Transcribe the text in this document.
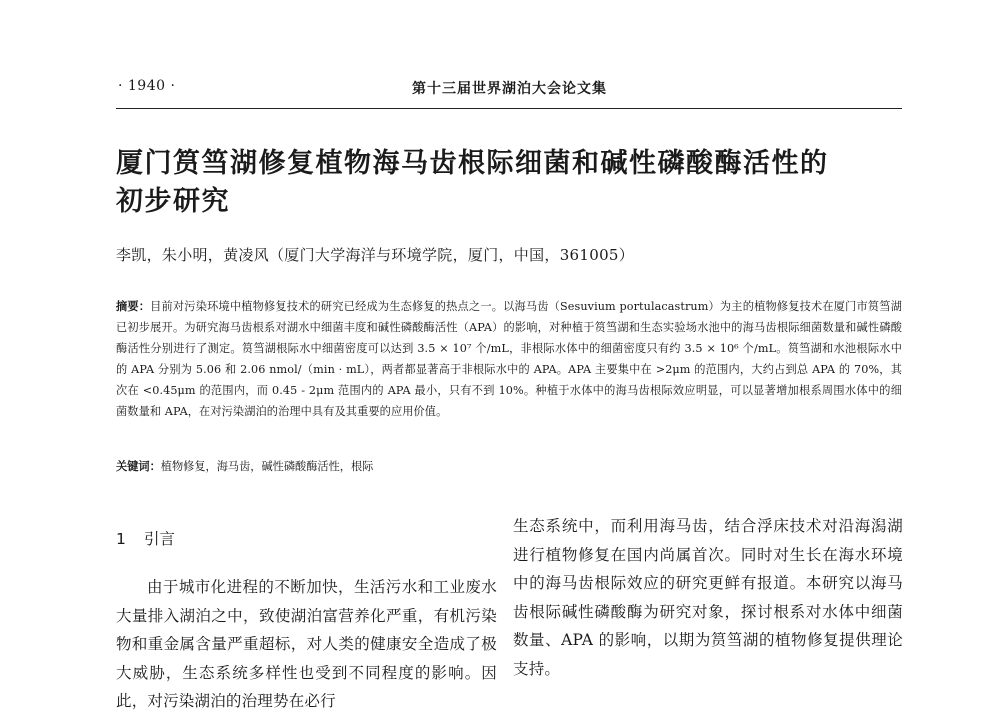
· 1940 ·	第十三届世界湖泊大会论文集
厦门筼筜湖修复植物海马齿根际细菌和碱性磷酸酶活性的
初步研究
李凯，朱小明，黄凌风（厦门大学海洋与环境学院，厦门，中国，361005）
摘要：目前对污染环境中植物修复技术的研究已经成为生态修复的热点之一。以海马齿（Sesuvium portulacastrum）为主的植物修复技术在厦门市筼筜湖已初步展开。为研究海马齿根系对湖水中细菌丰度和碱性磷酸酶活性（APA）的影响，对种植于筼筜湖和生态实验场水池中的海马齿根际细菌数量和碱性磷酸酶活性分别进行了测定。筼筜湖根际水中细菌密度可以达到 3.5 × 10⁷ 个/mL，非根际水体中的细菌密度只有约 3.5 × 10⁶ 个/mL。筼筜湖和水池根际水中的 APA 分别为 5.06 和 2.06 nmol/（min · mL），两者都显著高于非根际水中的 APA。APA 主要集中在 >2μm 的范围内，大约占到总 APA 的 70%，其次在 <0.45μm 的范围内，而 0.45 - 2μm 范围内的 APA 最小，只有不到 10%。种植于水体中的海马齿根际效应明显，可以显著增加根系周围水体中的细菌数量和 APA，在对污染湖泊的治理中具有及其重要的应用价值。
关键词：植物修复，海马齿，碱性磷酸酶活性，根际
1 引言

由于城市化进程的不断加快，生活污水和工业废水大量排入湖泊之中，致使湖泊富营养化严重，有机污染物和重金属含量严重超标，对人类的健康安全造成了极大威胁，生态系统多样性也受到不同程度的影响。因此，对污染湖泊的治理势在必行

生态系统中，而利用海马齿，结合浮床技术对沿海潟湖进行植物修复在国内尚属首次。同时对生长在海水环境中的海马齿根际效应的研究更鲜有报道。本研究以海马齿根际碱性磷酸酶为研究对象，探讨根系对水体中细菌数量、APA 的影响，以期为筼筜湖的植物修复提供理论支持。
